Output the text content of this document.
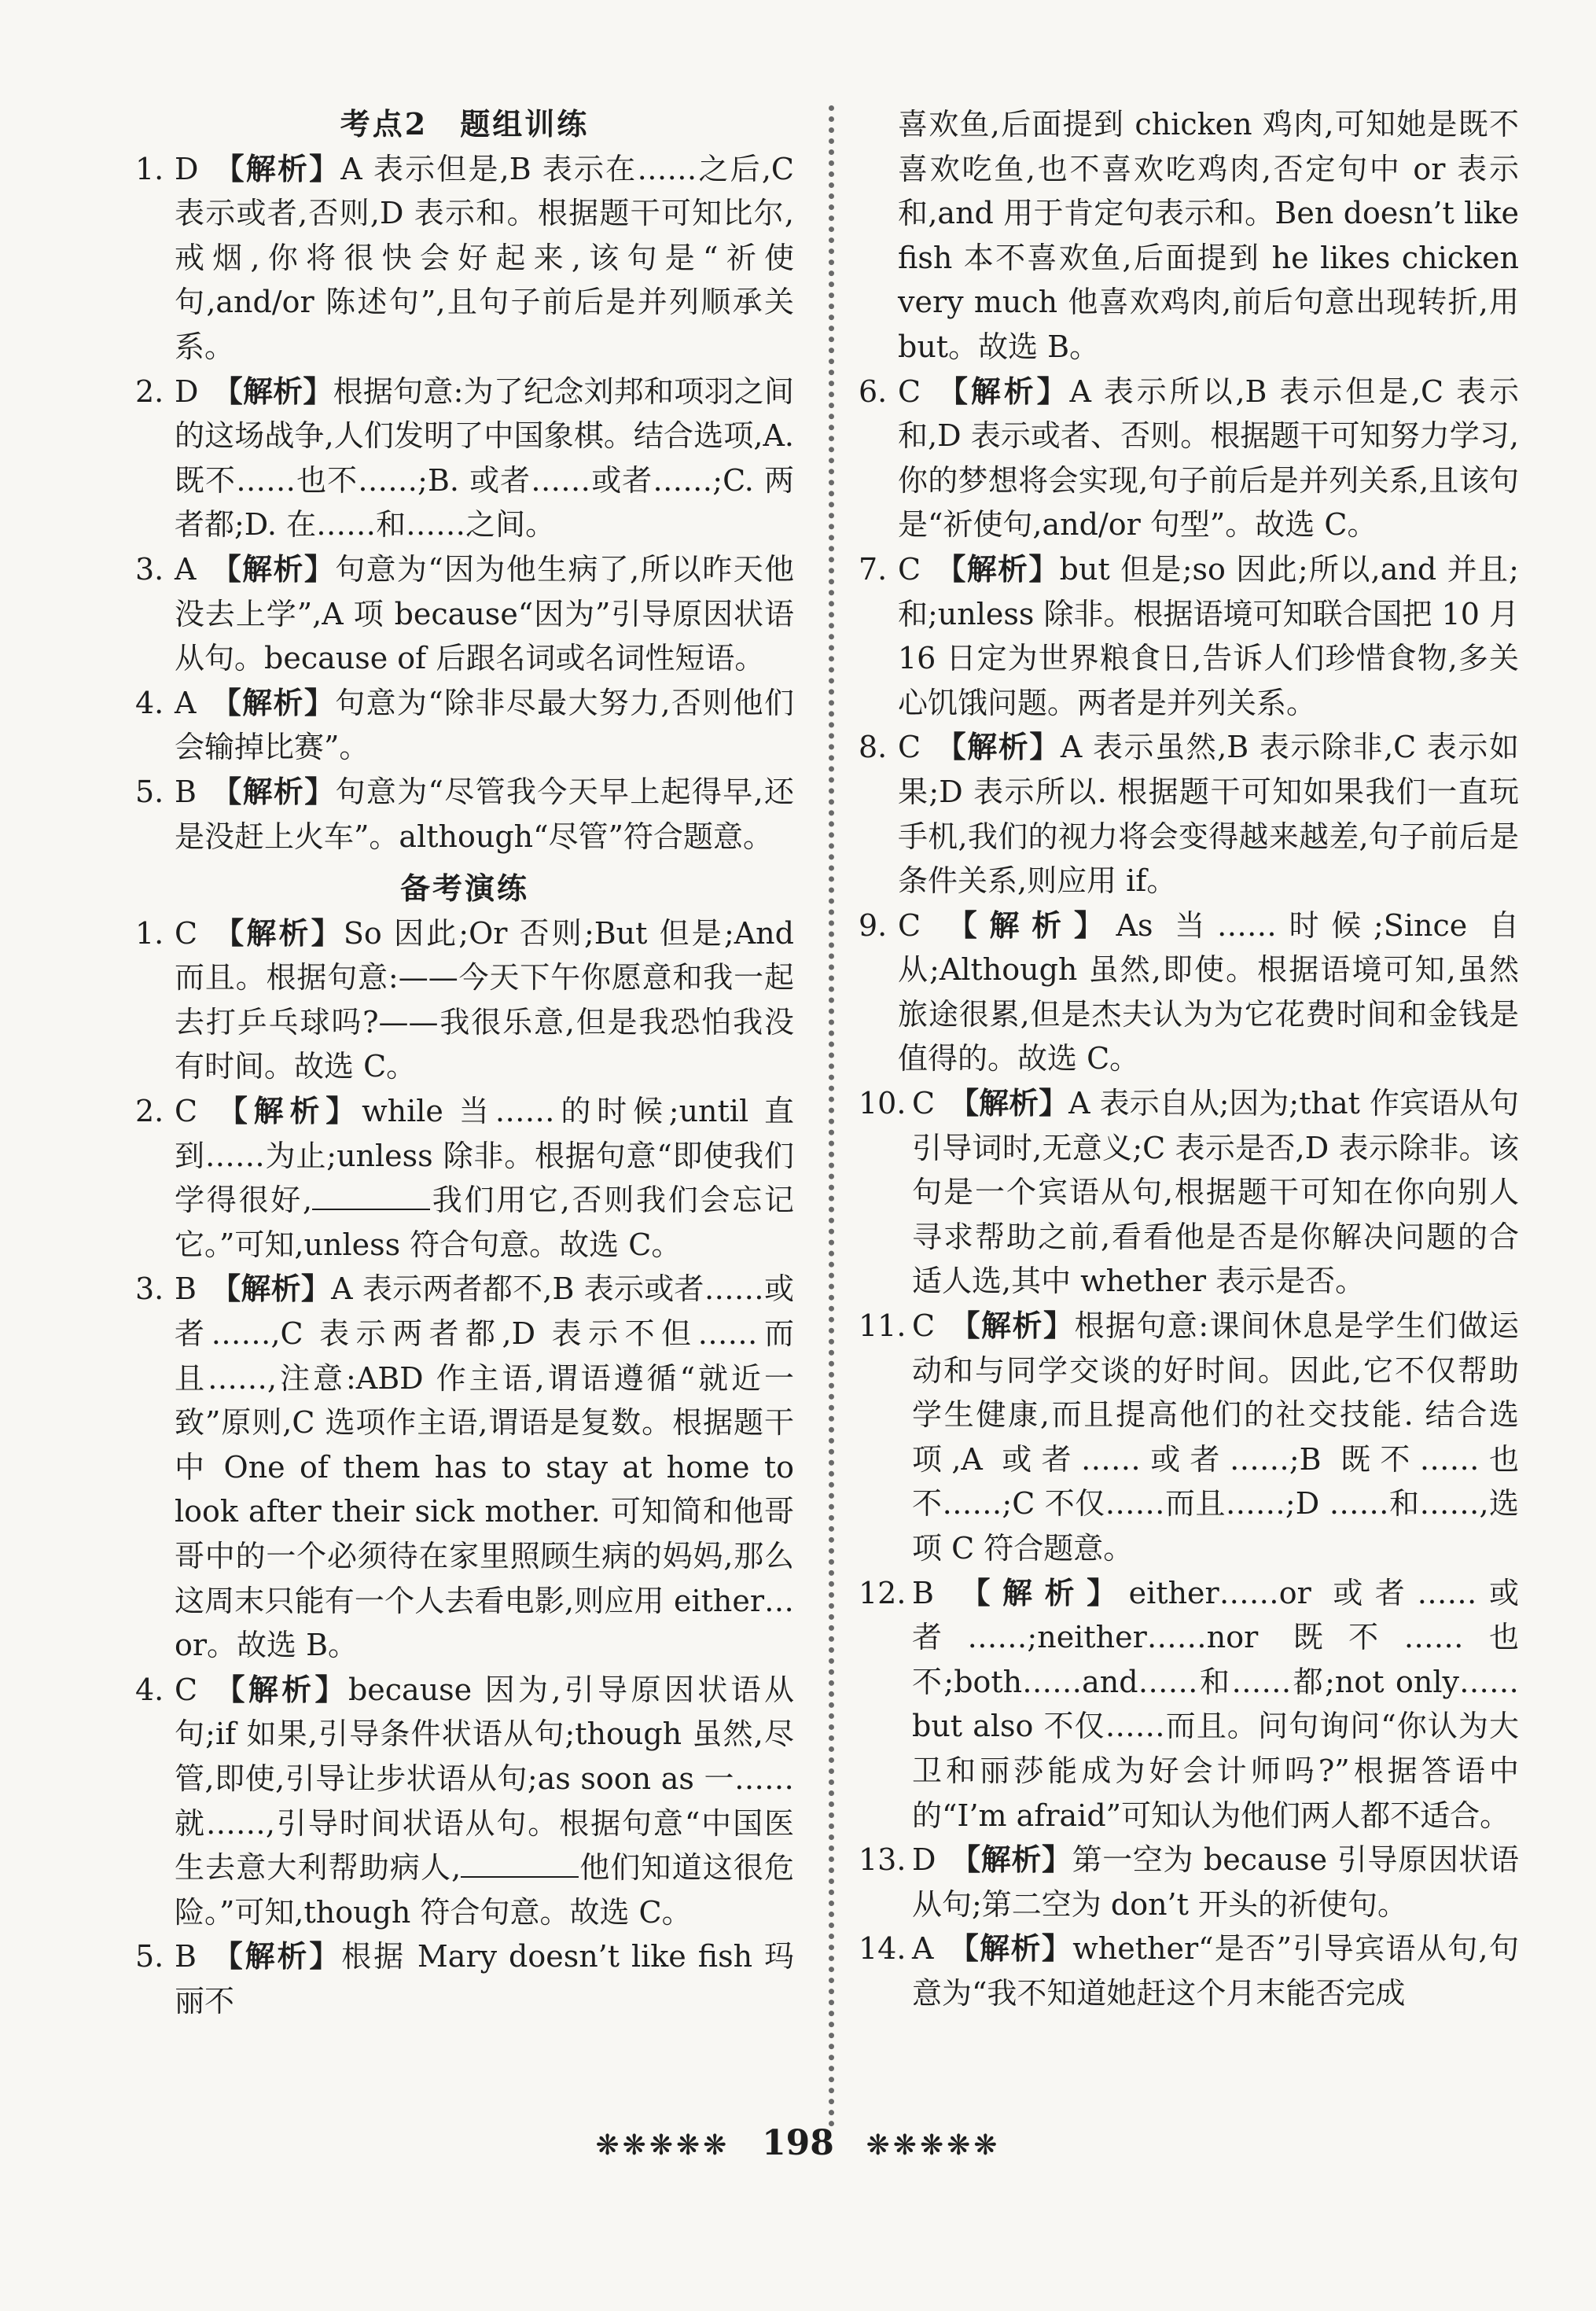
考点2　题组训练

1. D 【解析】A 表示但是,B 表示在……之后,C 表示或者,否则,D 表示和。根据题干可知比尔,戒烟,你将很快会好起来,该句是“祈使句,and/or 陈述句”,且句子前后是并列顺承关系。

2. D 【解析】根据句意:为了纪念刘邦和项羽之间的这场战争,人们发明了中国象棋。结合选项,A. 既不……也不……;B. 或者……或者……;C. 两者都;D. 在……和……之间。

3. A 【解析】句意为“因为他生病了,所以昨天他没去上学”,A 项 because“因为”引导原因状语从句。because of 后跟名词或名词性短语。

4. A 【解析】句意为“除非尽最大努力,否则他们会输掉比赛”。

5. B 【解析】句意为“尽管我今天早上起得早,还是没赶上火车”。although“尽管”符合题意。

备考演练

1. C 【解析】So 因此;Or 否则;But 但是;And 而且。根据句意:——今天下午你愿意和我一起去打乒乓球吗?——我很乐意,但是我恐怕我没有时间。故选 C。

2. C 【解析】while 当……的时候;until 直到……为止;unless 除非。根据句意“即使我们学得很好,	我们用它,否则我们会忘记它。”可知,unless 符合句意。故选 C。

3. B 【解析】A 表示两者都不,B 表示或者……或者……,C 表示两者都,D 表示不但……而且……,注意:ABD 作主语,谓语遵循“就近一致”原则,C 选项作主语,谓语是复数。根据题干中 One of them has to stay at home to look after their sick mother. 可知简和他哥哥中的一个必须待在家里照顾生病的妈妈,那么这周末只能有一个人去看电影,则应用 either…or。故选 B。

4. C 【解析】because 因为,引导原因状语从句;if 如果,引导条件状语从句;though 虽然,尽管,即使,引导让步状语从句;as soon as 一……就……,引导时间状语从句。根据句意“中国医生去意大利帮助病人,	他们知道这很危险。”可知,though 符合句意。故选 C。

5. B 【解析】根据 Mary doesn’t like fish 玛丽不

喜欢鱼,后面提到 chicken 鸡肉,可知她是既不喜欢吃鱼,也不喜欢吃鸡肉,否定句中 or 表示和,and 用于肯定句表示和。Ben doesn’t like fish 本不喜欢鱼,后面提到 he likes chicken very much 他喜欢鸡肉,前后句意出现转折,用 but。故选 B。

6. C 【解析】A 表示所以,B 表示但是,C 表示和,D 表示或者、否则。根据题干可知努力学习,你的梦想将会实现,句子前后是并列关系,且该句是“祈使句,and/or 句型”。故选 C。

7. C 【解析】but 但是;so 因此;所以,and 并且;和;unless 除非。根据语境可知联合国把 10 月 16 日定为世界粮食日,告诉人们珍惜食物,多关心饥饿问题。两者是并列关系。

8. C 【解析】A 表示虽然,B 表示除非,C 表示如果;D 表示所以. 根据题干可知如果我们一直玩手机,我们的视力将会变得越来越差,句子前后是条件关系,则应用 if。

9. C 【解析】As 当……时候;Since 自从;Although 虽然,即使。根据语境可知,虽然旅途很累,但是杰夫认为为它花费时间和金钱是值得的。故选 C。

10. C 【解析】A 表示自从;因为;that 作宾语从句引导词时,无意义;C 表示是否,D 表示除非。该句是一个宾语从句,根据题干可知在你向别人寻求帮助之前,看看他是否是你解决问题的合适人选,其中 whether 表示是否。

11. C 【解析】根据句意:课间休息是学生们做运动和与同学交谈的好时间。因此,它不仅帮助学生健康,而且提高他们的社交技能. 结合选项,A 或者……或者……;B 既不……也不……;C 不仅……而且……;D ……和……,选项 C 符合题意。

12. B 【解析】either……or 或者……或者……;neither……nor 既不……也不;both……and……和……都;not only……but also 不仅……而且。问句询问“你认为大卫和丽莎能成为好会计师吗?”根据答语中的“I’m afraid”可知认为他们两人都不适合。

13. D 【解析】第一空为 because 引导原因状语从句;第二空为 don’t 开头的祈使句。

14. A 【解析】whether“是否”引导宾语从句,句意为“我不知道她赶这个月末能否完成

❋❋❋❋❋ 198 ❋❋❋❋❋
